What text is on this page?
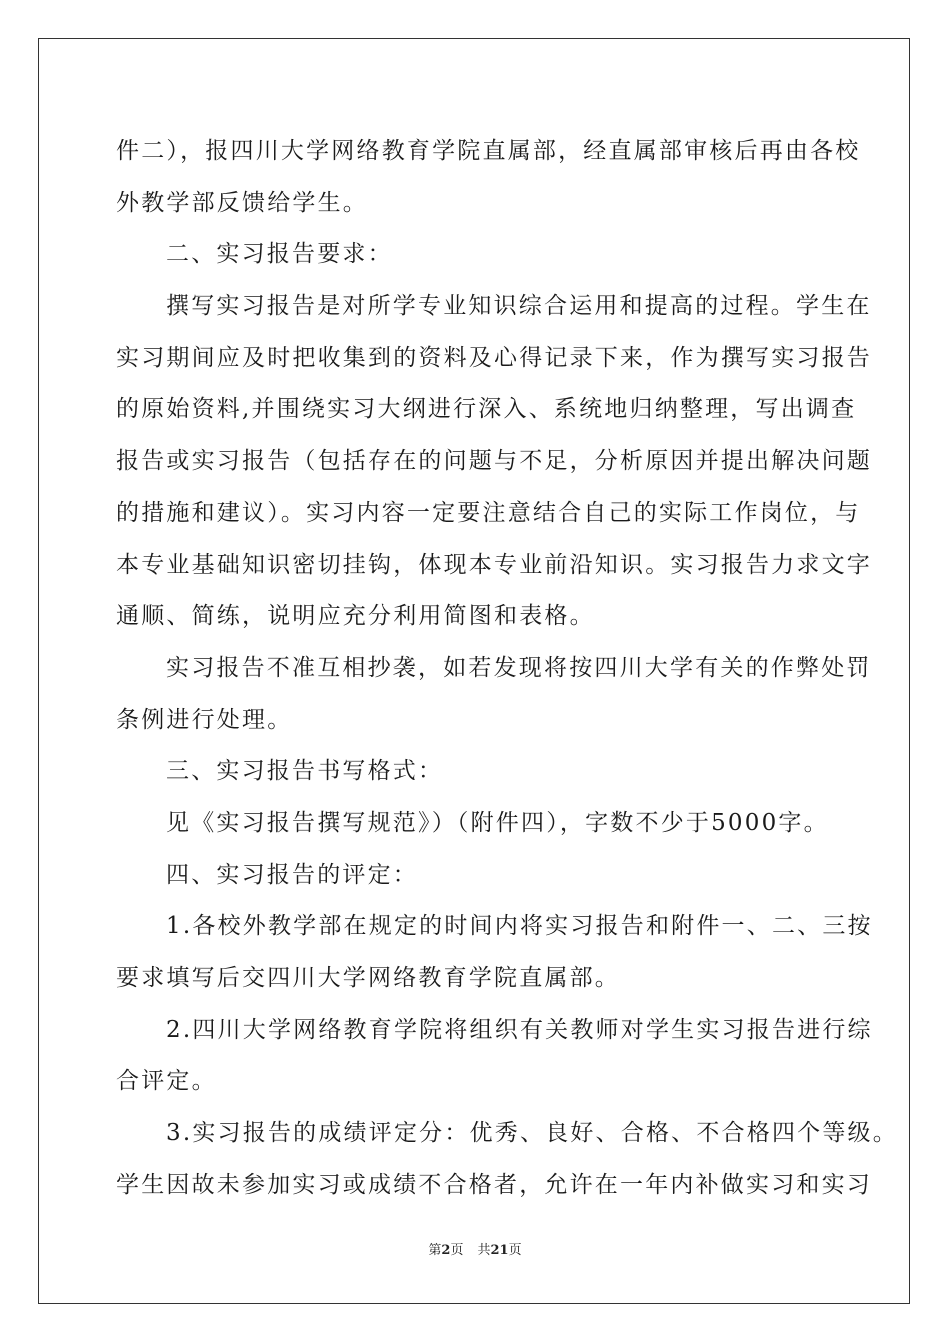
件二），报四川大学网络教育学院直属部，经直属部审核后再由各校
外教学部反馈给学生。
二、实习报告要求：
撰写实习报告是对所学专业知识综合运用和提高的过程。学生在
实习期间应及时把收集到的资料及心得记录下来，作为撰写实习报告
的原始资料,并围绕实习大纲进行深入、系统地归纳整理，写出调查
报告或实习报告（包括存在的问题与不足，分析原因并提出解决问题
的措施和建议）。实习内容一定要注意结合自己的实际工作岗位，与
本专业基础知识密切挂钩，体现本专业前沿知识。实习报告力求文字
通顺、简练，说明应充分利用简图和表格。
实习报告不准互相抄袭，如若发现将按四川大学有关的作弊处罚
条例进行处理。
三、实习报告书写格式：
见《实习报告撰写规范》）（附件四），字数不少于5000字。
四、实习报告的评定：
1.各校外教学部在规定的时间内将实习报告和附件一、二、三按
要求填写后交四川大学网络教育学院直属部。
2.四川大学网络教育学院将组织有关教师对学生实习报告进行综
合评定。
3.实习报告的成绩评定分：优秀、良好、合格、不合格四个等级。
学生因故未参加实习或成绩不合格者，允许在一年内补做实习和实习
第2页 共21页
